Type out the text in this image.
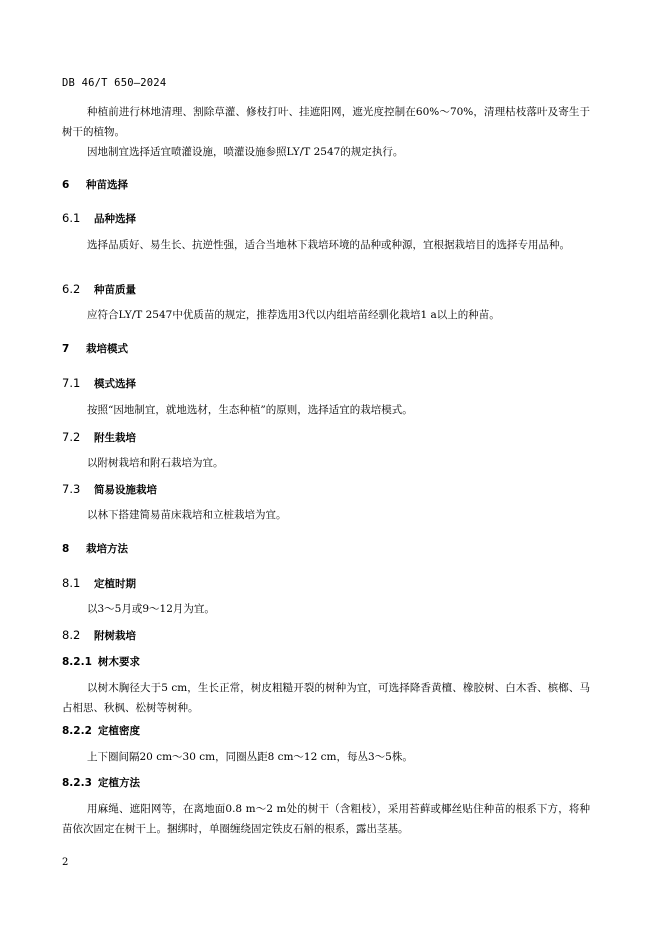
DB 46/T 650—2024

种植前进行林地清理、割除草灌、修枝打叶、挂遮阳网，遮光度控制在60%～70%，清理枯枝落叶及寄生于树干的植物。

因地制宜选择适宜喷灌设施，喷灌设施参照LY/T 2547的规定执行。

6 种苗选择
6.1 品种选择

选择品质好、易生长、抗逆性强，适合当地林下栽培环境的品种或种源，宜根据栽培目的选择专用品种。

6.2 种苗质量

应符合LY/T 2547中优质苗的规定，推荐选用3代以内组培苗经驯化栽培1 a以上的种苗。

7 栽培模式
7.1 模式选择

按照“因地制宜，就地选材，生态种植”的原则，选择适宜的栽培模式。

7.2 附生栽培

以附树栽培和附石栽培为宜。

7.3 简易设施栽培

以林下搭建简易苗床栽培和立桩栽培为宜。

8 栽培方法
8.1 定植时期

以3～5月或9～12月为宜。

8.2 附树栽培
8.2.1 树木要求

以树木胸径大于5 cm，生长正常，树皮粗糙开裂的树种为宜，可选择降香黄檀、橡胶树、白木香、槟榔、马占相思、秋枫、松树等树种。

8.2.2 定植密度

上下圈间隔20 cm～30 cm，同圈丛距8 cm～12 cm，每丛3～5株。

8.2.3 定植方法

用麻绳、遮阳网等，在离地面0.8 m～2 m处的树干（含粗枝），采用苔藓或椰丝贴住种苗的根系下方，将种苗依次固定在树干上。捆绑时，单圈缠绕固定铁皮石斛的根系，露出茎基。

2
